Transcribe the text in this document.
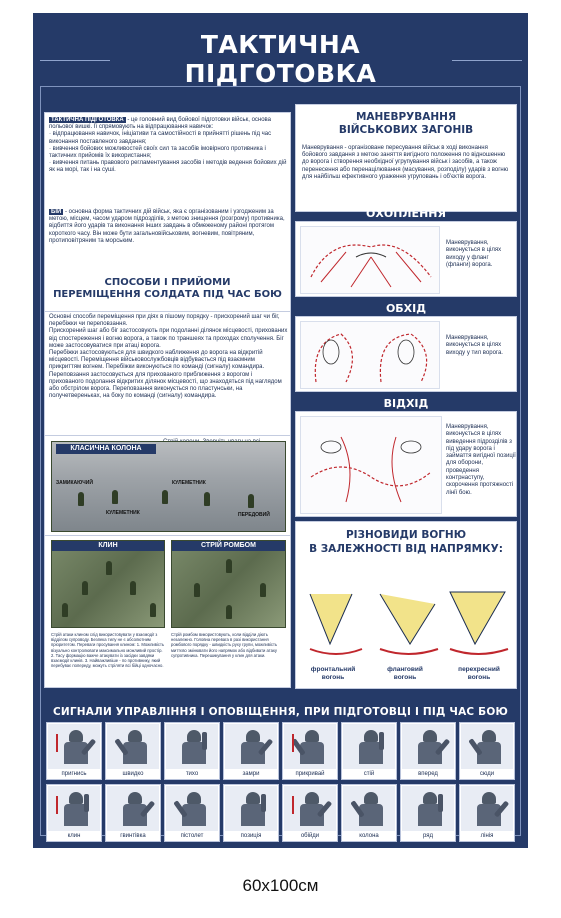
ТАКТИЧНА
ПІДГОТОВКА
ТАКТИЧНА ПІДГОТОВКА - це головний вид бойової підготовки військ, основа польової вишкі. Її спрямовують на відпрацювання навичок:
· відпрацювання навичок, ініціативи та самостійності в прийнятті рішень під час виконання поставленого завдання;
· вивчення бойових можливостей своїх сил та засобів імовірного противника і тактичних прийомів їх використання;
· вивчення питань правового регламентування засобів і методів ведення бойових дій як на морі, так і на суші.
БІЙ - основна форма тактичних дій військ, яка є організованим і узгодженим за метою, місцем, часом ударом підрозділів, з метою знищення (розгрому) противника, відбиття його ударів та виконання інших завдань в обмеженому районі протягом короткого часу. Він може бути загальновійськовим, вогневим, повітряним, протиповітряним та морським.
СПОСОБИ І ПРИЙОМИ
ПЕРЕМІЩЕННЯ СОЛДАТА ПІД ЧАС БОЮ
Основні способи переміщення при діях в пішому порядку - прискорений шаг чи біг, перебіжки чи переповзання.
Прискорений шаг або біг застосовують при подоланні ділянок місцевості, прихованих від спостереження і вогню ворога, а також по траншеях та проходах сполучення. Біг може застосовуватися при атаці ворога.
Перебіжки застосовуються для швидкого наближення до ворога на відкритій місцевості. Переміщення військовослужбовців відбувається під взаємним прикриттям вогнем. Перебіжки виконуються по команді (сигналу) командира.
Переповзання застосовується для прихованого приближення з ворогом і прихованого подолання відкритих ділянок місцевості, що знаходяться під наглядом або обстрілом ворога. Переповзання виконується по пластунськи, на получетвереньках, на боку по команді (сигналу) командира.
КЛАСИЧНА КОЛОНА
ЗАМИКАЮЧИЙ
КУЛЕМЕТНИК
КУЛЕМЕТНИК
ПЕРЕДОВИЙ
КЛИН	СТРІЙ РОМБОМ
Стрій атаки клином слід використовувати у взаємодії з відділом супроводу. Безпека тилу не є абсолютним пріоритетом. Переваги просування клином: 1. Можливість візуально контролювати максимально можливий простір. 2. Тасу формацію важче атакувати із засідки завдяки взаємодії клинів. 3. Найважливіше - по противнику, який перебуває попереду, можуть стріляти всі бійці одночасно.
Стрій ромбом використовують, коли відділи діють незалежно. Головна перевага в разі використання ромбового порядку - швидкість руху групи, можливість миттєво змінювати його напрямок або відбивати атаку супротивника. Перешикування у клин для атаки.
МАНЕВРУВАННЯ
ВІЙСЬКОВИХ ЗАГОНІВ
Маневрування - організоване пересування військ в ході виконання бойового завдання з метою заняття вигідного положення по відношенню до ворога і створення необхідної угрупування військ і засобів, а також перенесення або перенацілювання (масування, розподілу) ударів з вогню для найбільш ефективного ураження угруповань і об'єктів ворога.
ОХОПЛЕННЯ
Маневрування, виконується в цілях виходу у фланг (фланги) ворога.
ОБХІД
Маневрування, виконується в цілях виходу у тил ворога.
ВІДХІД
Маневрування, виконується в цілях виведення підрозділів з під удару ворога і займаття вигідної позиції для оборони, проведення контрнаступу, скорочення протяжності лінії бою.
РІЗНОВИДИ ВОГНЮ
В ЗАЛЕЖНОСТІ ВІД НАПРЯМКУ:
фронтальний
вогонь
фланговий
вогонь
перехресний
вогонь
СИГНАЛИ УПРАВЛІННЯ І ОПОВІЩЕННЯ, ПРИ ПІДГОТОВЦІ І ПІД ЧАС БОЮ
пригнись	швидко	тихо	замри	прикривай	стій	вперед	сюди
клин	гвинтівка	пістолет	позиція	обійди	колона	ряд	лінія
60x100см
